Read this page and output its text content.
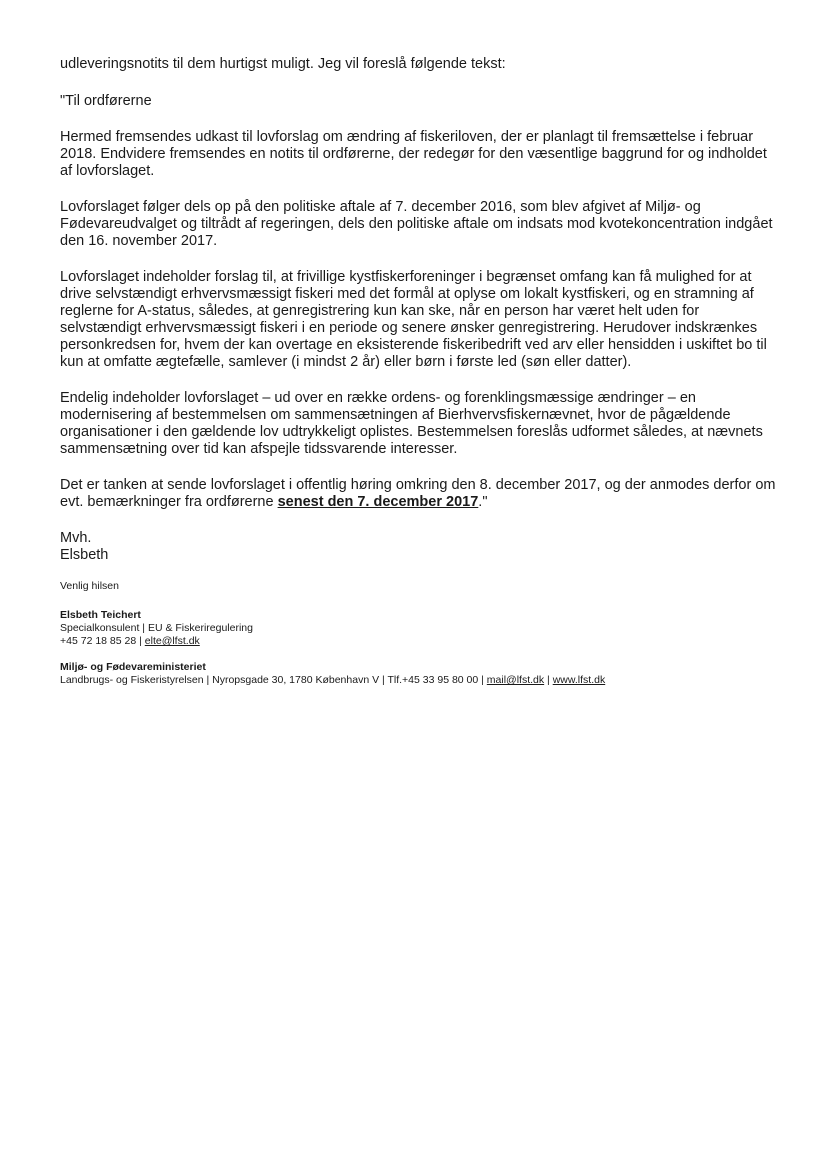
udleveringsnotits til dem hurtigst muligt. Jeg vil foreslå følgende tekst:

"Til ordførerne

Hermed fremsendes udkast til lovforslag om ændring af fiskeriloven, der er planlagt til fremsættelse i februar 2018. Endvidere fremsendes en notits til ordførerne, der redegør for den væsentlige baggrund for og indholdet af lovforslaget.

Lovforslaget følger dels op på den politiske aftale af 7. december 2016, som blev afgivet af Miljø- og Fødevareudvalget og tiltrådt af regeringen, dels den politiske aftale om indsats mod kvotekoncentration indgået den 16. november 2017.

Lovforslaget indeholder forslag til, at frivillige kystfiskerforeninger i begrænset omfang kan få mulighed for at drive selvstændigt erhvervsmæssigt fiskeri med det formål at oplyse om lokalt kystfiskeri, og en stramning af reglerne for A-status, således, at genregistrering kun kan ske, når en person har været helt uden for selvstændigt erhvervsmæssigt fiskeri i en periode og senere ønsker genregistrering. Herudover indskrænkes personkredsen for, hvem der kan overtage en eksisterende fiskeribedrift ved arv eller hensidden i uskiftet bo til kun at omfatte ægtefælle, samlever (i mindst 2 år) eller børn i første led (søn eller datter).

Endelig indeholder lovforslaget – ud over en række ordens- og forenklingsmæssige ændringer – en modernisering af bestemmelsen om sammensætningen af Bierhvervsfiskernævnet, hvor de pågældende organisationer i den gældende lov udtrykkeligt oplistes. Bestemmelsen foreslås udformet således, at nævnets sammensætning over tid kan afspejle tidssvarende interesser.

Det er tanken at sende lovforslaget i offentlig høring omkring den 8. december 2017, og der anmodes derfor om evt. bemærkninger fra ordførerne senest den 7. december 2017."

Mvh.
Elsbeth
Venlig hilsen
Elsbeth Teichert
Specialkonsulent | EU & Fiskeriregulering
+45 72 18 85 28 | elte@lfst.dk
Miljø- og Fødevareministeriet
Landbrugs- og Fiskeristyrelsen | Nyropsgade 30, 1780 København V | Tlf.+45 33 95 80 00 | mail@lfst.dk | www.lfst.dk
